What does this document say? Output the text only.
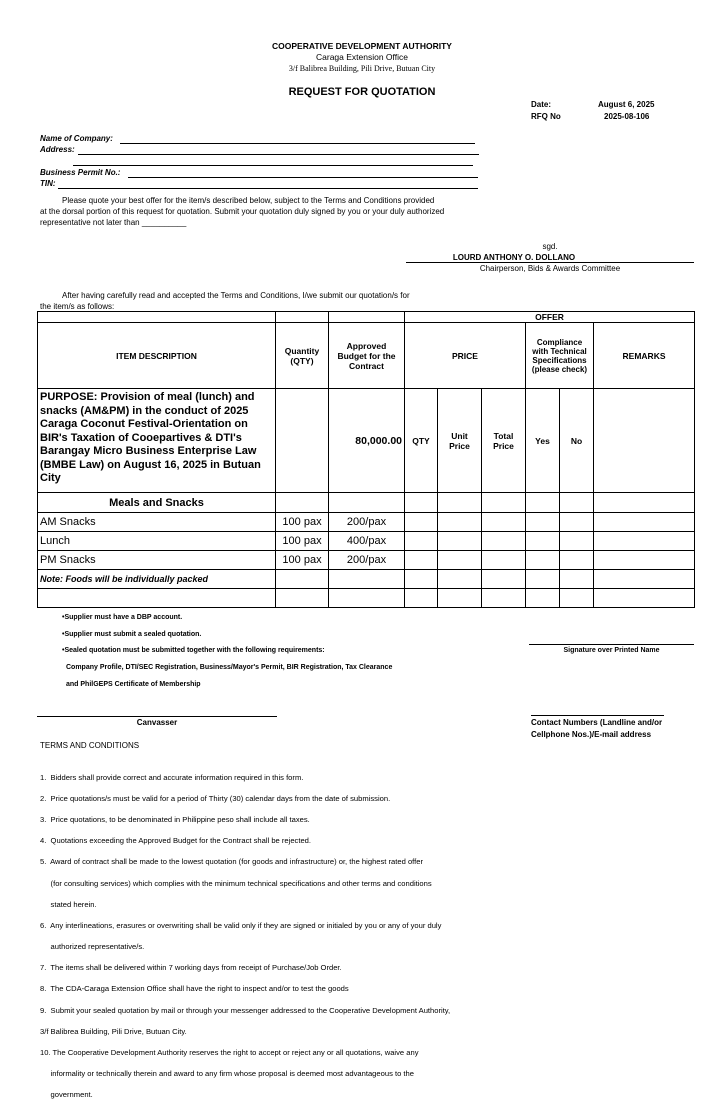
COOPERATIVE DEVELOPMENT AUTHORITY
Caraga Extension Office
3/f Balibrea Building, Pili Drive, Butuan City
REQUEST FOR QUOTATION
Date:	August 6, 2025
RFQ No	2025-08-106
Name of Company:
Address:
Business Permit No.:
TIN:
Please quote your best offer for the item/s described below, subject to the Terms and Conditions provided
at the dorsal portion of this request for quotation. Submit your quotation duly signed by you or your duly authorized
representative not later than __________
sgd.
LOURD ANTHONY O. DOLLANO
Chairperson, Bids & Awards Committee
After having carefully read and accepted the Terms and Conditions, I/we submit our quotation/s for
the item/s as follows:
			OFFER					
ITEM DESCRIPTION	Quantity (QTY)	Approved Budget for the Contract	PRICE			Compliance with Technical Specifications (please check)		REMARKS
PURPOSE: Provision of meal (lunch) and snacks (AM&PM) in the conduct of 2025 Caraga Coconut Festival-Orientation on BIR's Taxation of Cooepartives & DTI's Barangay Micro Business Enterprise Law (BMBE Law) on August 16, 2025 in Butuan City		80,000.00	QTY	Unit Price	Total Price	Yes	No	
Meals and Snacks								
AM Snacks	100 pax	200/pax						
Lunch	100 pax	400/pax						
PM Snacks	100 pax	200/pax						
Note: Foods will be individually packed								

•Supplier must have a DBP account.
•Supplier must submit a sealed quotation.
•Sealed quotation must be submitted together with the following requirements:
Company Profile, DTI/SEC Registration, Business/Mayor's Permit, BIR Registration, Tax Clearance
and PhilGEPS Certificate of Membership
Signature over Printed Name
Canvasser	Contact Numbers (Landline and/or
Cellphone Nos.)/E-mail address
TERMS AND CONDITIONS

1.  Bidders shall provide correct and accurate information required in this form.

2.  Price quotations/s must be valid for a period of Thirty (30) calendar days from the date of submission.

3.  Price quotations, to be denominated in Philippine peso shall include all taxes.

4.  Quotations exceeding the Approved Budget for the Contract shall be rejected.

5.  Award of contract shall be made to the lowest quotation (for goods and infrastructure) or, the highest rated offer

(for consulting services) which complies with the minimum technical specifications and other terms and conditions

stated herein.

6.  Any interlineations, erasures or overwriting shall be valid only if they are signed or initialed by you or any of your duly

authorized representative/s.

7.  The items shall be delivered within 7 working days from receipt of Purchase/Job Order.

8.  The CDA-Caraga Extension Office shall have the right to inspect and/or to test the goods

9.  Submit your sealed quotation by mail or through your messenger addressed to the Cooperative Development Authority,

3/f Balibrea Building, Pili Drive, Butuan City.

10. The Cooperative Development Authority reserves the right to accept or reject any or all quotations, waive any

informality or technically therein and award to any firm whose proposal is deemed most advantageous to the

government.
